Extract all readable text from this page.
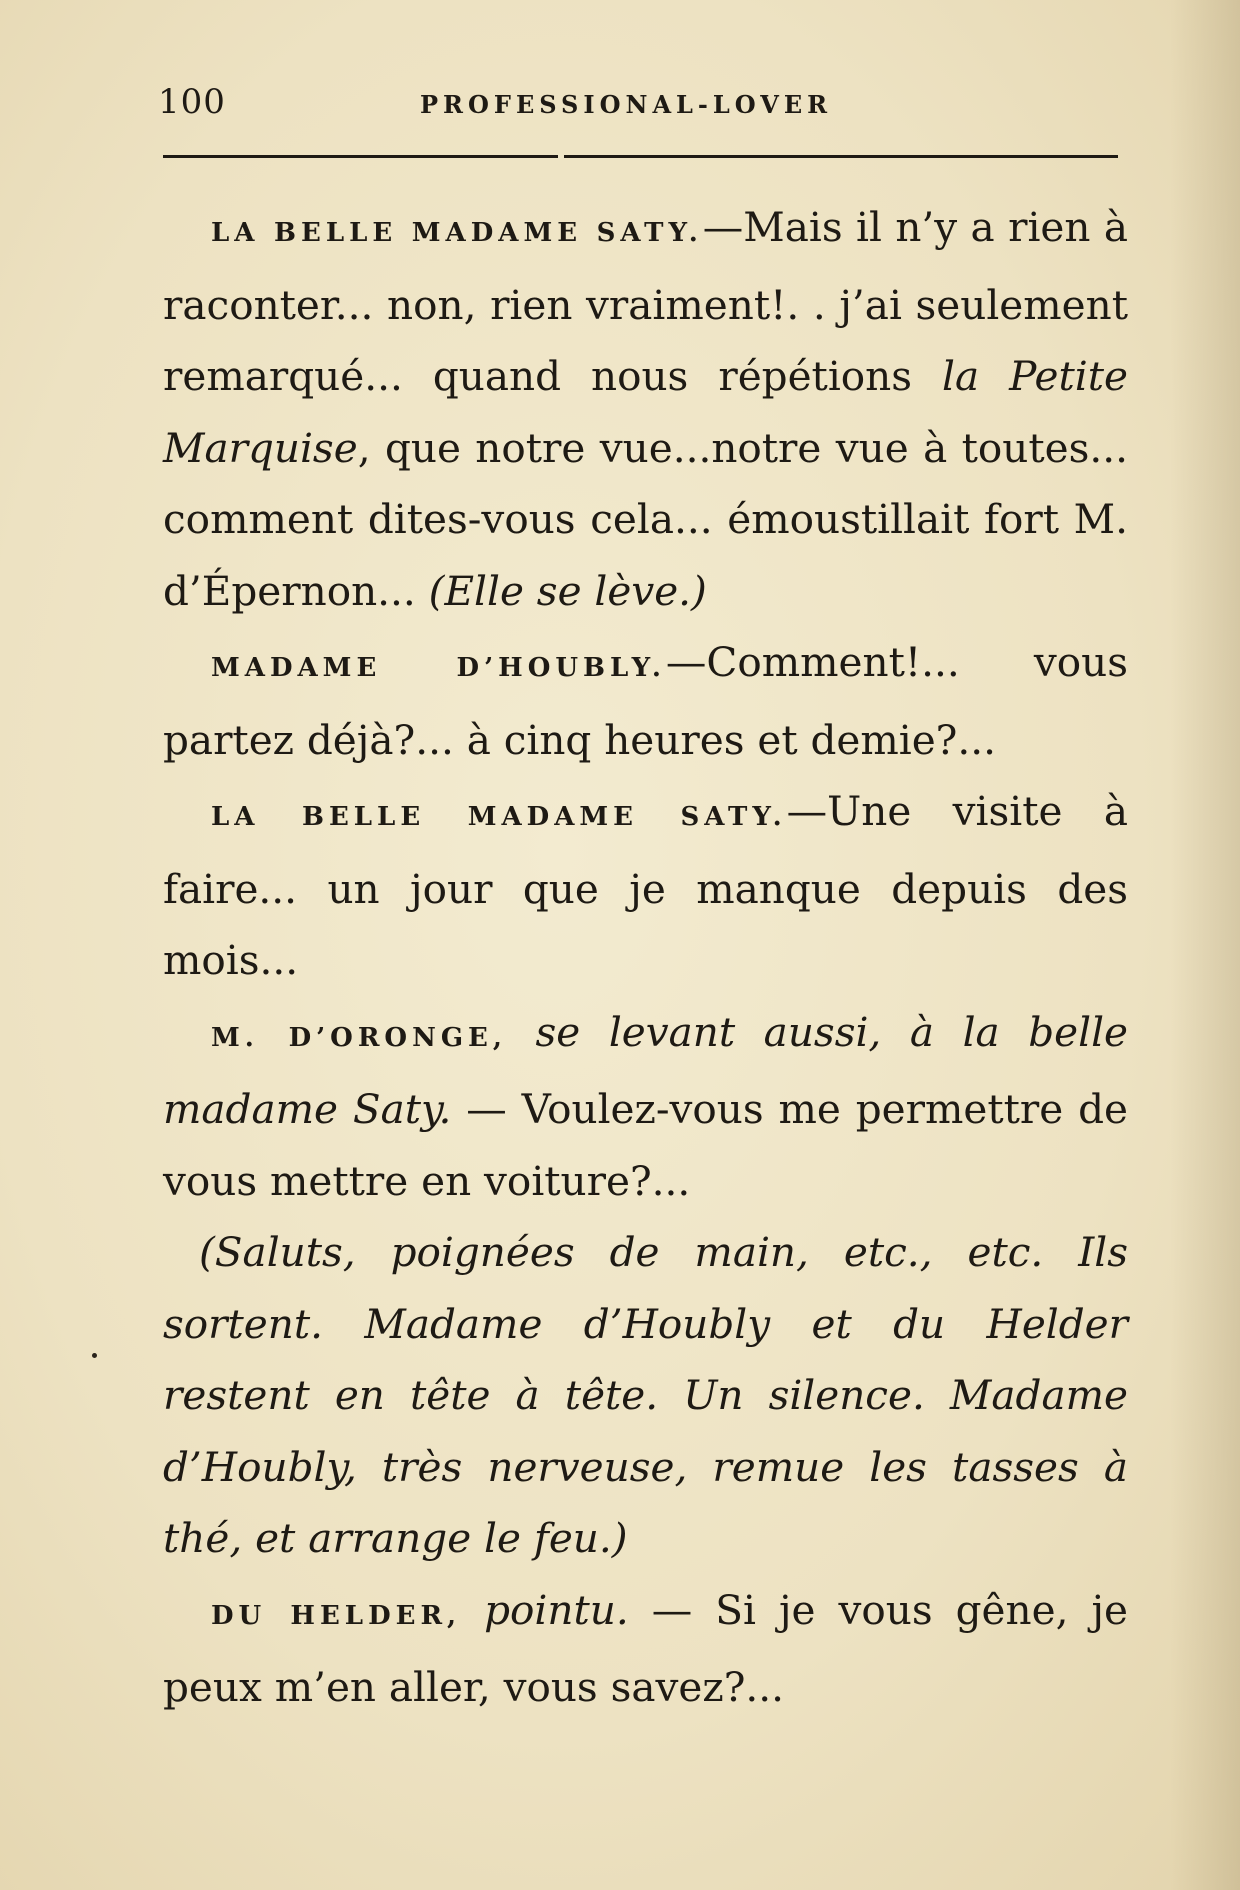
100	PROFESSIONAL-LOVER

LA BELLE MADAME SATY.—Mais il n’y a rien à raconter... non, rien vraiment!. . j’ai seulement remarqué... quand nous répétions la Petite Marquise, que notre vue...notre vue à toutes... comment dites-vous cela... émoustillait fort M. d’Épernon... (Elle se lève.)

MADAME D’HOUBLY.—Comment!... vous partez déjà?... à cinq heures et demie?...

LA BELLE MADAME SATY.—Une visite à faire... un jour que je manque depuis des mois...

M. D’ORONGE, se levant aussi, à la belle madame Saty. — Voulez-vous me permettre de vous mettre en voiture?...

(Saluts, poignées de main, etc., etc. Ils sortent. Madame d’Houbly et du Helder restent en tête à tête. Un silence. Madame d’Houbly, très nerveuse, remue les tasses à thé, et arrange le feu.)

DU HELDER, pointu. — Si je vous gêne, je peux m’en aller, vous savez?...
